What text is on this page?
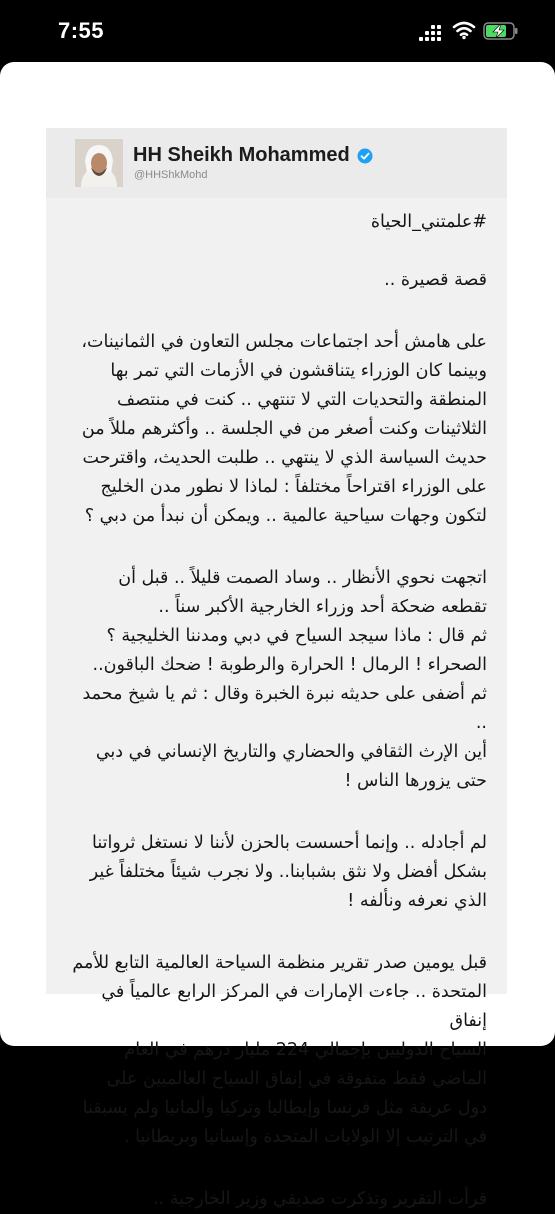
7:55
HH Sheikh Mohammed
@HHShkMohd

#علمتني_الحياة

قصة قصيرة ..

على هامش أحد اجتماعات مجلس التعاون في الثمانينات،
وبينما كان الوزراء يتناقشون في الأزمات التي تمر بها
المنطقة والتحديات التي لا تنتهي .. كنت في منتصف
الثلاثينات وكنت أصغر من في الجلسة .. وأكثرهم مللاً من
حديث السياسة الذي لا ينتهي .. طلبت الحديث، واقترحت
على الوزراء اقتراحاً مختلفاً : لماذا لا نطور مدن الخليج
لتكون وجهات سياحية عالمية .. ويمكن أن نبدأ من دبي ؟

اتجهت نحوي الأنظار .. وساد الصمت قليلاً .. قبل أن
تقطعه ضحكة أحد وزراء الخارجية الأكبر سناً ..
ثم قال : ماذا سيجد السياح في دبي ومدننا الخليجية ؟
الصحراء ! الرمال ! الحرارة والرطوبة ! ضحك الباقون..
ثم أضفى على حديثه نبرة الخبرة وقال : ثم يا شيخ محمد ..
أين الإرث الثقافي والحضاري والتاريخ الإنساني في دبي
حتى يزورها الناس !

لم أجادله .. وإنما أحسست بالحزن لأننا لا نستغل ثرواتنا
بشكل أفضل ولا نثق بشبابنا.. ولا نجرب شيئاً مختلفاً غير
الذي نعرفه ونألفه !

قبل يومين صدر تقرير منظمة السياحة العالمية التابع للأمم
المتحدة .. جاءت الإمارات في المركز الرابع عالمياً في إنفاق
السياح الدوليين بإجمالي 224 مليار درهم في العام
الماضي فقط متفوقة في إنفاق السياح العالميين على
دول عريقة مثل فرنسا وإيطاليا وتركيا وألمانيا ولم يسبقنا
في الترتيب إلا الولايات المتحدة وإسبانيا وبريطانيا .

قرأت التقرير وتذكرت صديقي وزير الخارجية ..
